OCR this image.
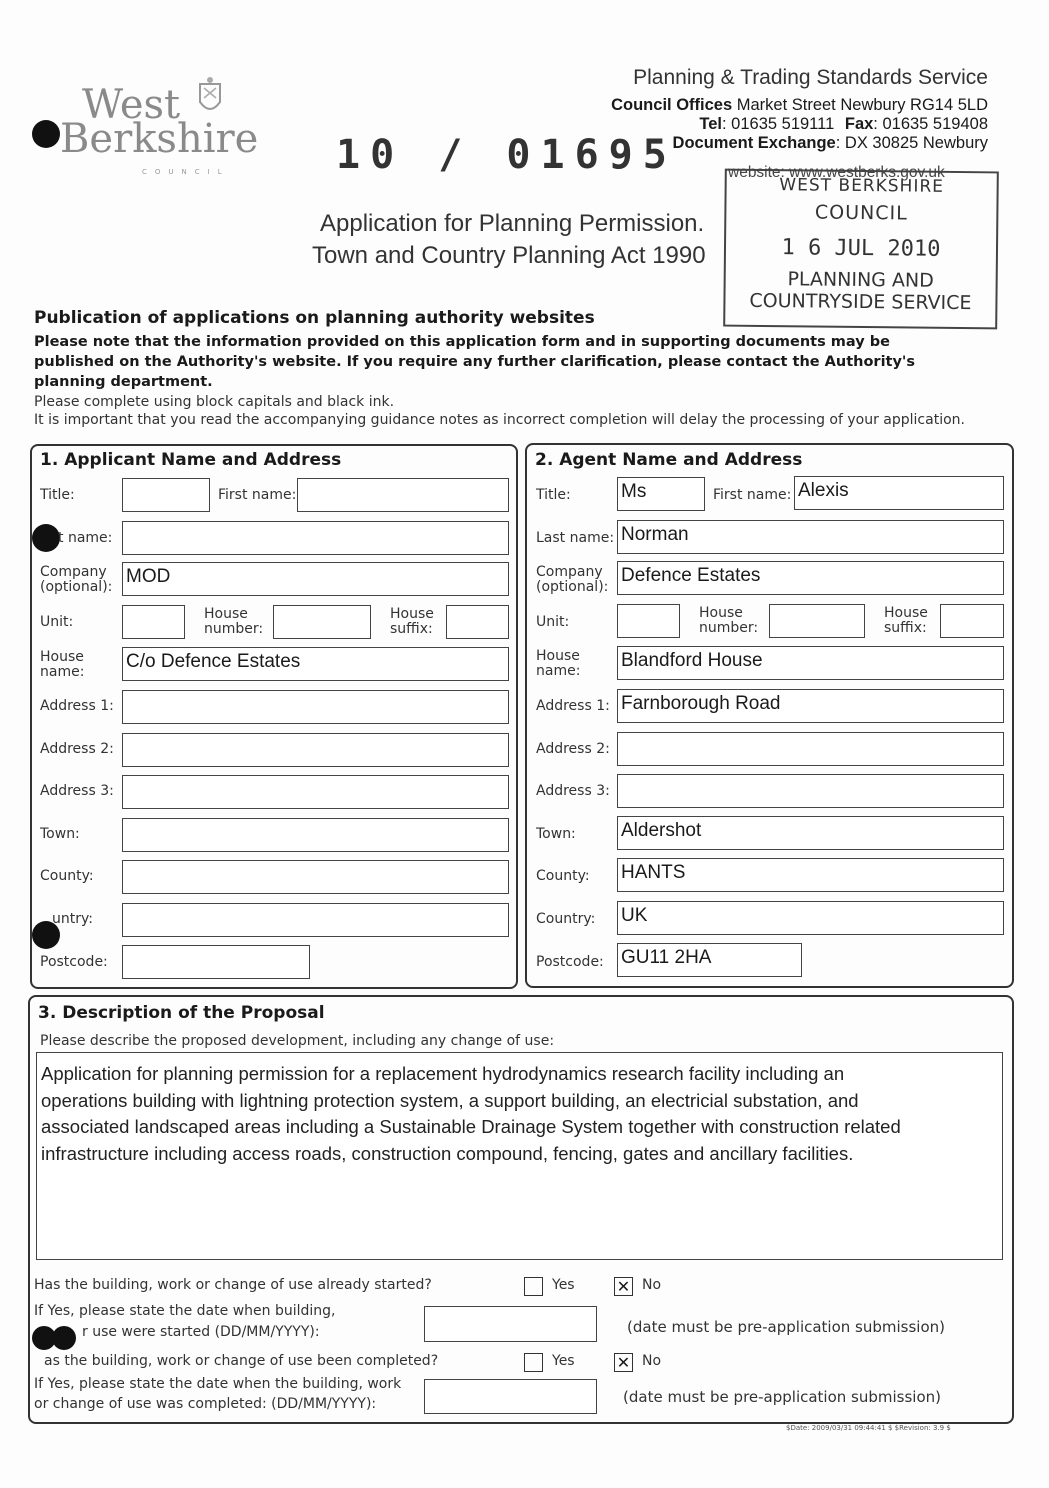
West
Berkshire
COUNCIL
Planning & Trading Standards Service
Council Offices Market Street Newbury RG14 5LD
Tel: 01635 519111 Fax: 01635 519408
Document Exchange: DX 30825 Newbury
website: www.westberks.gov.uk
10 / 01695
Application for Planning Permission.
Town and Country Planning Act 1990
WEST BERKSHIRE
COUNCIL
1 6 JUL 2010
PLANNING AND
COUNTRYSIDE SERVICE
Publication of applications on planning authority websites
Please note that the information provided on this application form and in supporting documents may be published on the Authority's website. If you require any further clarification, please contact the Authority's planning department.
Please complete using block capitals and black ink.
It is important that you read the accompanying guidance notes as incorrect completion will delay the processing of your application.
1. Applicant Name and Address
Title:	First name:
t name:
Company
(optional): MOD
Unit:	House
number:
House
suffix:
House
name: C/o Defence Estates
Address 1:
Address 2:
Address 3:
Town:
County:
untry:
Postcode:
2. Agent Name and Address
Title:	Ms	First name: Alexis
Last name: Norman
Company
(optional):
Defence Estates
Unit:
House
number:
House
suffix:
House
name: Blandford House
Address 1: Farnborough Road
Address 2:
Address 3:
Town: Aldershot
County: HANTS
Country: UK
Postcode: GU11 2HA
3. Description of the Proposal
Please describe the proposed development, including any change of use:
Application for planning permission for a replacement hydrodynamics research facility including an
operations building with lightning protection system, a support building, an electricial substation, and
associated landscaped areas including a Sustainable Drainage System together with construction related
infrastructure including access roads, construction compound, fencing, gates and ancillary facilities.
Has the building, work or change of use already started?	Yes	✕ No
If Yes, please state the date when building,
r use were started (DD/MM/YYYY):	(date must be pre-application submission)
as the building, work or change of use been completed?	Yes	✕ No
If Yes, please state the date when the building, work
or change of use was completed: (DD/MM/YYYY):	(date must be pre-application submission)
$Date: 2009/03/31 09:44:41 $ $Revision: 3.9 $
